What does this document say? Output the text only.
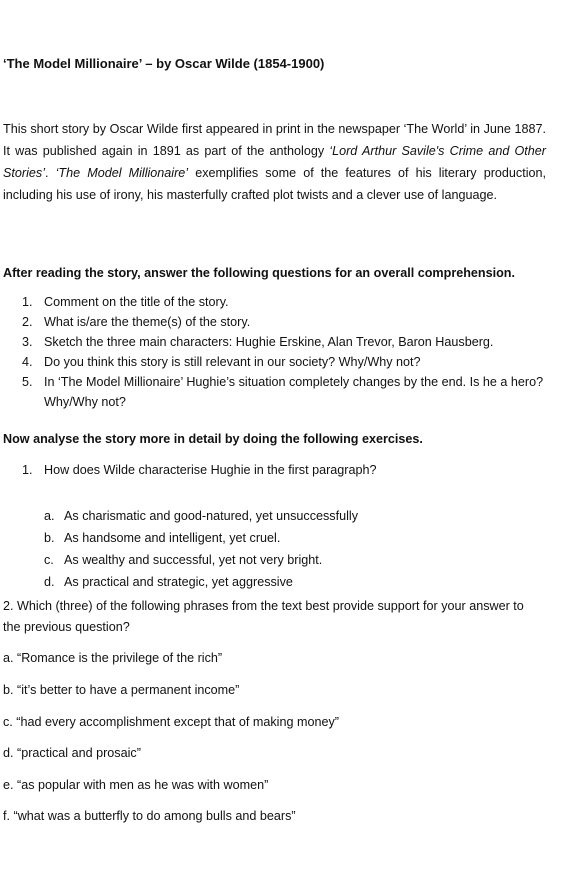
‘The Model Millionaire’ – by Oscar Wilde (1854-1900)
This short story by Oscar Wilde first appeared in print in the newspaper ‘The World’ in June 1887. It was published again in 1891 as part of the anthology ‘Lord Arthur Savile's Crime and Other Stories’. ‘The Model Millionaire’ exemplifies some of the features of his literary production, including his use of irony, his masterfully crafted plot twists and a clever use of language.
After reading the story, answer the following questions for an overall comprehension.
1. Comment on the title of the story.
2. What is/are the theme(s) of the story.
3. Sketch the three main characters: Hughie Erskine, Alan Trevor, Baron Hausberg.
4. Do you think this story is still relevant in our society? Why/Why not?
5. In ‘The Model Millionaire’ Hughie’s situation completely changes by the end. Is he a hero? Why/Why not?
Now analyse the story more in detail by doing the following exercises.
1. How does Wilde characterise Hughie in the first paragraph?
a. As charismatic and good-natured, yet unsuccessfully
b. As handsome and intelligent, yet cruel.
c. As wealthy and successful, yet not very bright.
d. As practical and strategic, yet aggressive
2. Which (three) of the following phrases from the text best provide support for your answer to the previous question?
a. “Romance is the privilege of the rich”
b. “it’s better to have a permanent income”
c. “had every accomplishment except that of making money”
d. “practical and prosaic”
e. “as popular with men as he was with women”
f. “what was a butterfly to do among bulls and bears”
